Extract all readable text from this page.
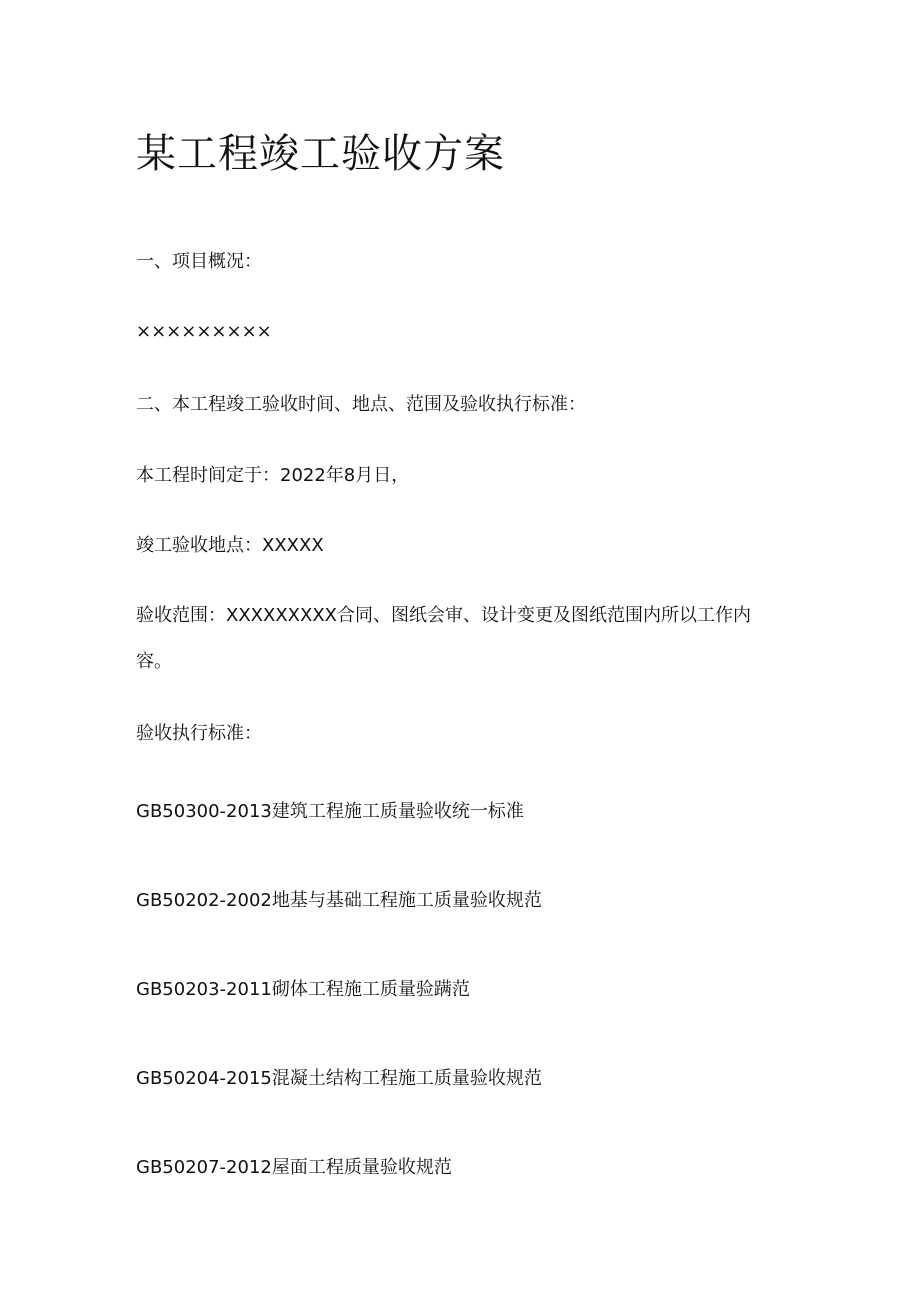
某工程竣工验收方案

一、项目概况：

×××××××××

二、本工程竣工验收时间、地点、范围及验收执行标准：

本工程时间定于：2022年8月日，

竣工验收地点：XXXXX

验收范围：XXXXXXXXX合同、图纸会审、设计变更及图纸范围内所以工作内容。

验收执行标准：

GB50300-2013建筑工程施工质量验收统一标准

GB50202-2002地基与基础工程施工质量验收规范

GB50203-2011砌体工程施工质量验蹒范

GB50204-2015混凝土结构工程施工质量验收规范

GB50207-2012屋面工程质量验收规范
